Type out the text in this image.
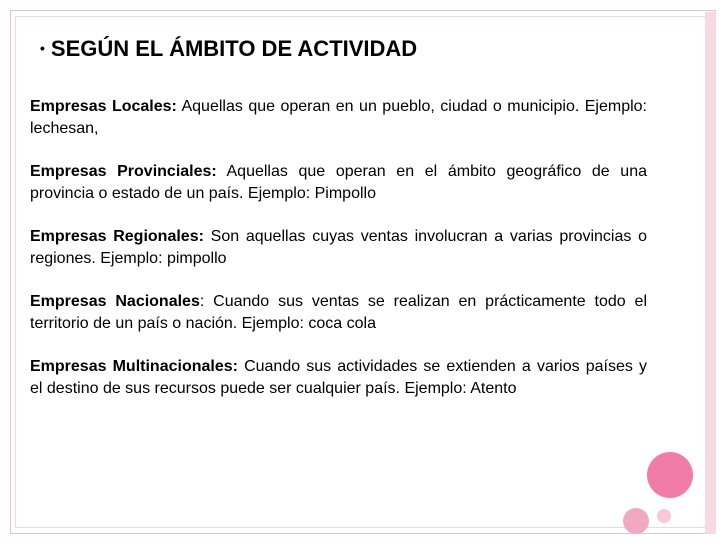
• SEGÚN EL ÁMBITO DE ACTIVIDAD

Empresas Locales: Aquellas que operan en un pueblo, ciudad o municipio. Ejemplo: lechesan,

Empresas Provinciales: Aquellas que operan en el ámbito geográfico de una provincia o estado de un país. Ejemplo: Pimpollo

Empresas Regionales: Son aquellas cuyas ventas involucran a varias provincias o regiones. Ejemplo: pimpollo

Empresas Nacionales: Cuando sus ventas se realizan en prácticamente todo el territorio de un país o nación. Ejemplo: coca cola

Empresas Multinacionales: Cuando sus actividades se extienden a varios países y el destino de sus recursos puede ser cualquier país. Ejemplo: Atento
